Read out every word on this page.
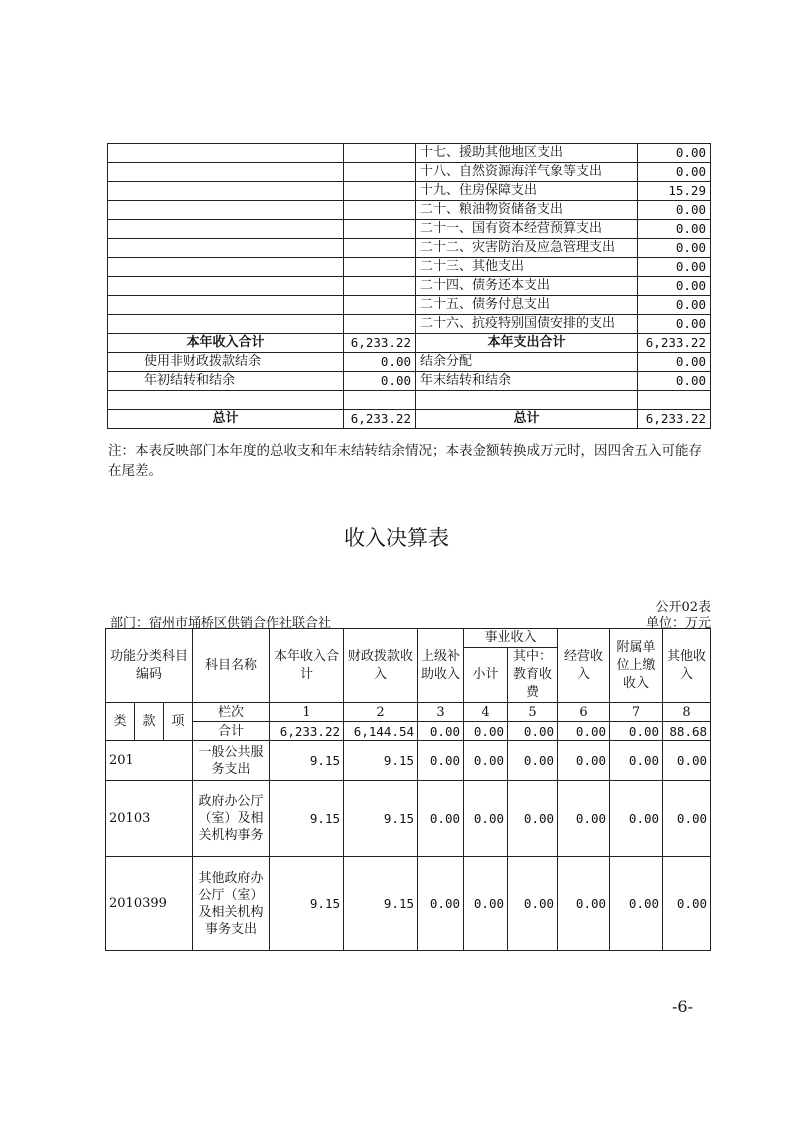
		十七、援助其他地区支出	0.00
		十八、自然资源海洋气象等支出	0.00
		十九、住房保障支出	15.29
		二十、粮油物资储备支出	0.00
		二十一、国有资本经营预算支出	0.00
		二十二、灾害防治及应急管理支出	0.00
		二十三、其他支出	0.00
		二十四、债务还本支出	0.00
		二十五、债务付息支出	0.00
		二十六、抗疫特别国债安排的支出	0.00
本年收入合计	6,233.22	本年支出合计	6,233.22
使用非财政拨款结余	0.00	结余分配	0.00
年初结转和结余	0.00	年末结转和结余	0.00

总计	6,233.22	总计	6,233.22
注：本表反映部门本年度的总收支和年末结转结余情况；本表金额转换成万元时，因四舍五入可能存在尾差。
收入决算表
公开02表
部门：宿州市埇桥区供销合作社联合社	单位：万元
功能分类科目编码			科目名称	本年收入合计	财政拨款收入	上级补助收入	事业收入		经营收入	附属单位上缴收入	其他收入
							小计	其中：教育收费			

类	款	项	栏次	1	2	3	4	5	6	7	8
			合计	6,233.22	6,144.54	0.00	0.00	0.00	0.00	0.00	88.68
201			一般公共服务支出	9.15	9.15	0.00	0.00	0.00	0.00	0.00	0.00
20103			政府办公厅（室）及相关机构事务	9.15	9.15	0.00	0.00	0.00	0.00	0.00	0.00
2010399			其他政府办公厅（室）及相关机构事务支出	9.15	9.15	0.00	0.00	0.00	0.00	0.00	0.00
-6-
